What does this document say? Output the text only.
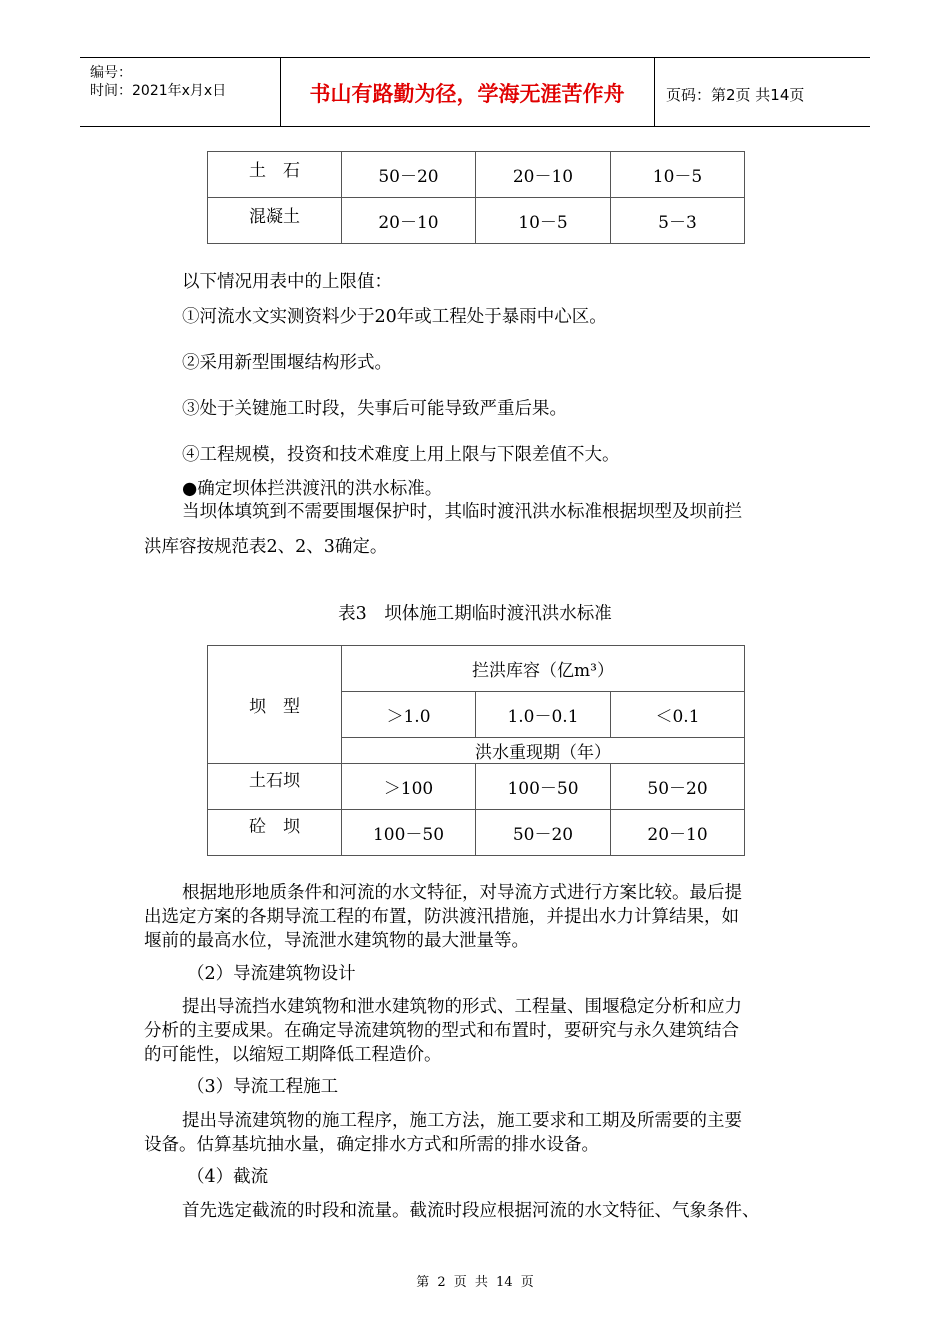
编号：
时间：2021年x月x日	书山有路勤为径，学海无涯苦作舟	页码：第2页 共14页
土　石	50－20	20－10	10－5
混凝土	20－10	10－5	5－3

以下情况用表中的上限值：

①河流水文实测资料少于20年或工程处于暴雨中心区。

②采用新型围堰结构形式。

③处于关键施工时段，失事后可能导致严重后果。

④工程规模，投资和技术难度上用上限与下限差值不大。

●确定坝体拦洪渡汛的洪水标准。

当坝体填筑到不需要围堰保护时，其临时渡汛洪水标准根据坝型及坝前拦

洪库容按规范表2、2、3确定。

表3　坝体施工期临时渡汛洪水标准

坝　型	拦洪库容（亿m³）		
	＞1.0	1.0－0.1	＜0.1
	洪水重现期（年）		
土石坝	＞100	100－50	50－20
砼　坝	100－50	50－20	20－10

根据地形地质条件和河流的水文特征，对导流方式进行方案比较。最后提

出选定方案的各期导流工程的布置，防洪渡汛措施，并提出水力计算结果，如

堰前的最高水位，导流泄水建筑物的最大泄量等。

（2）导流建筑物设计

提出导流挡水建筑物和泄水建筑物的形式、工程量、围堰稳定分析和应力

分析的主要成果。在确定导流建筑物的型式和布置时，要研究与永久建筑结合

的可能性，以缩短工期降低工程造价。

（3）导流工程施工

提出导流建筑物的施工程序，施工方法，施工要求和工期及所需要的主要

设备。估算基坑抽水量，确定排水方式和所需的排水设备。

（4）截流

首先选定截流的时段和流量。截流时段应根据河流的水文特征、气象条件、

第 2 页 共 14 页
